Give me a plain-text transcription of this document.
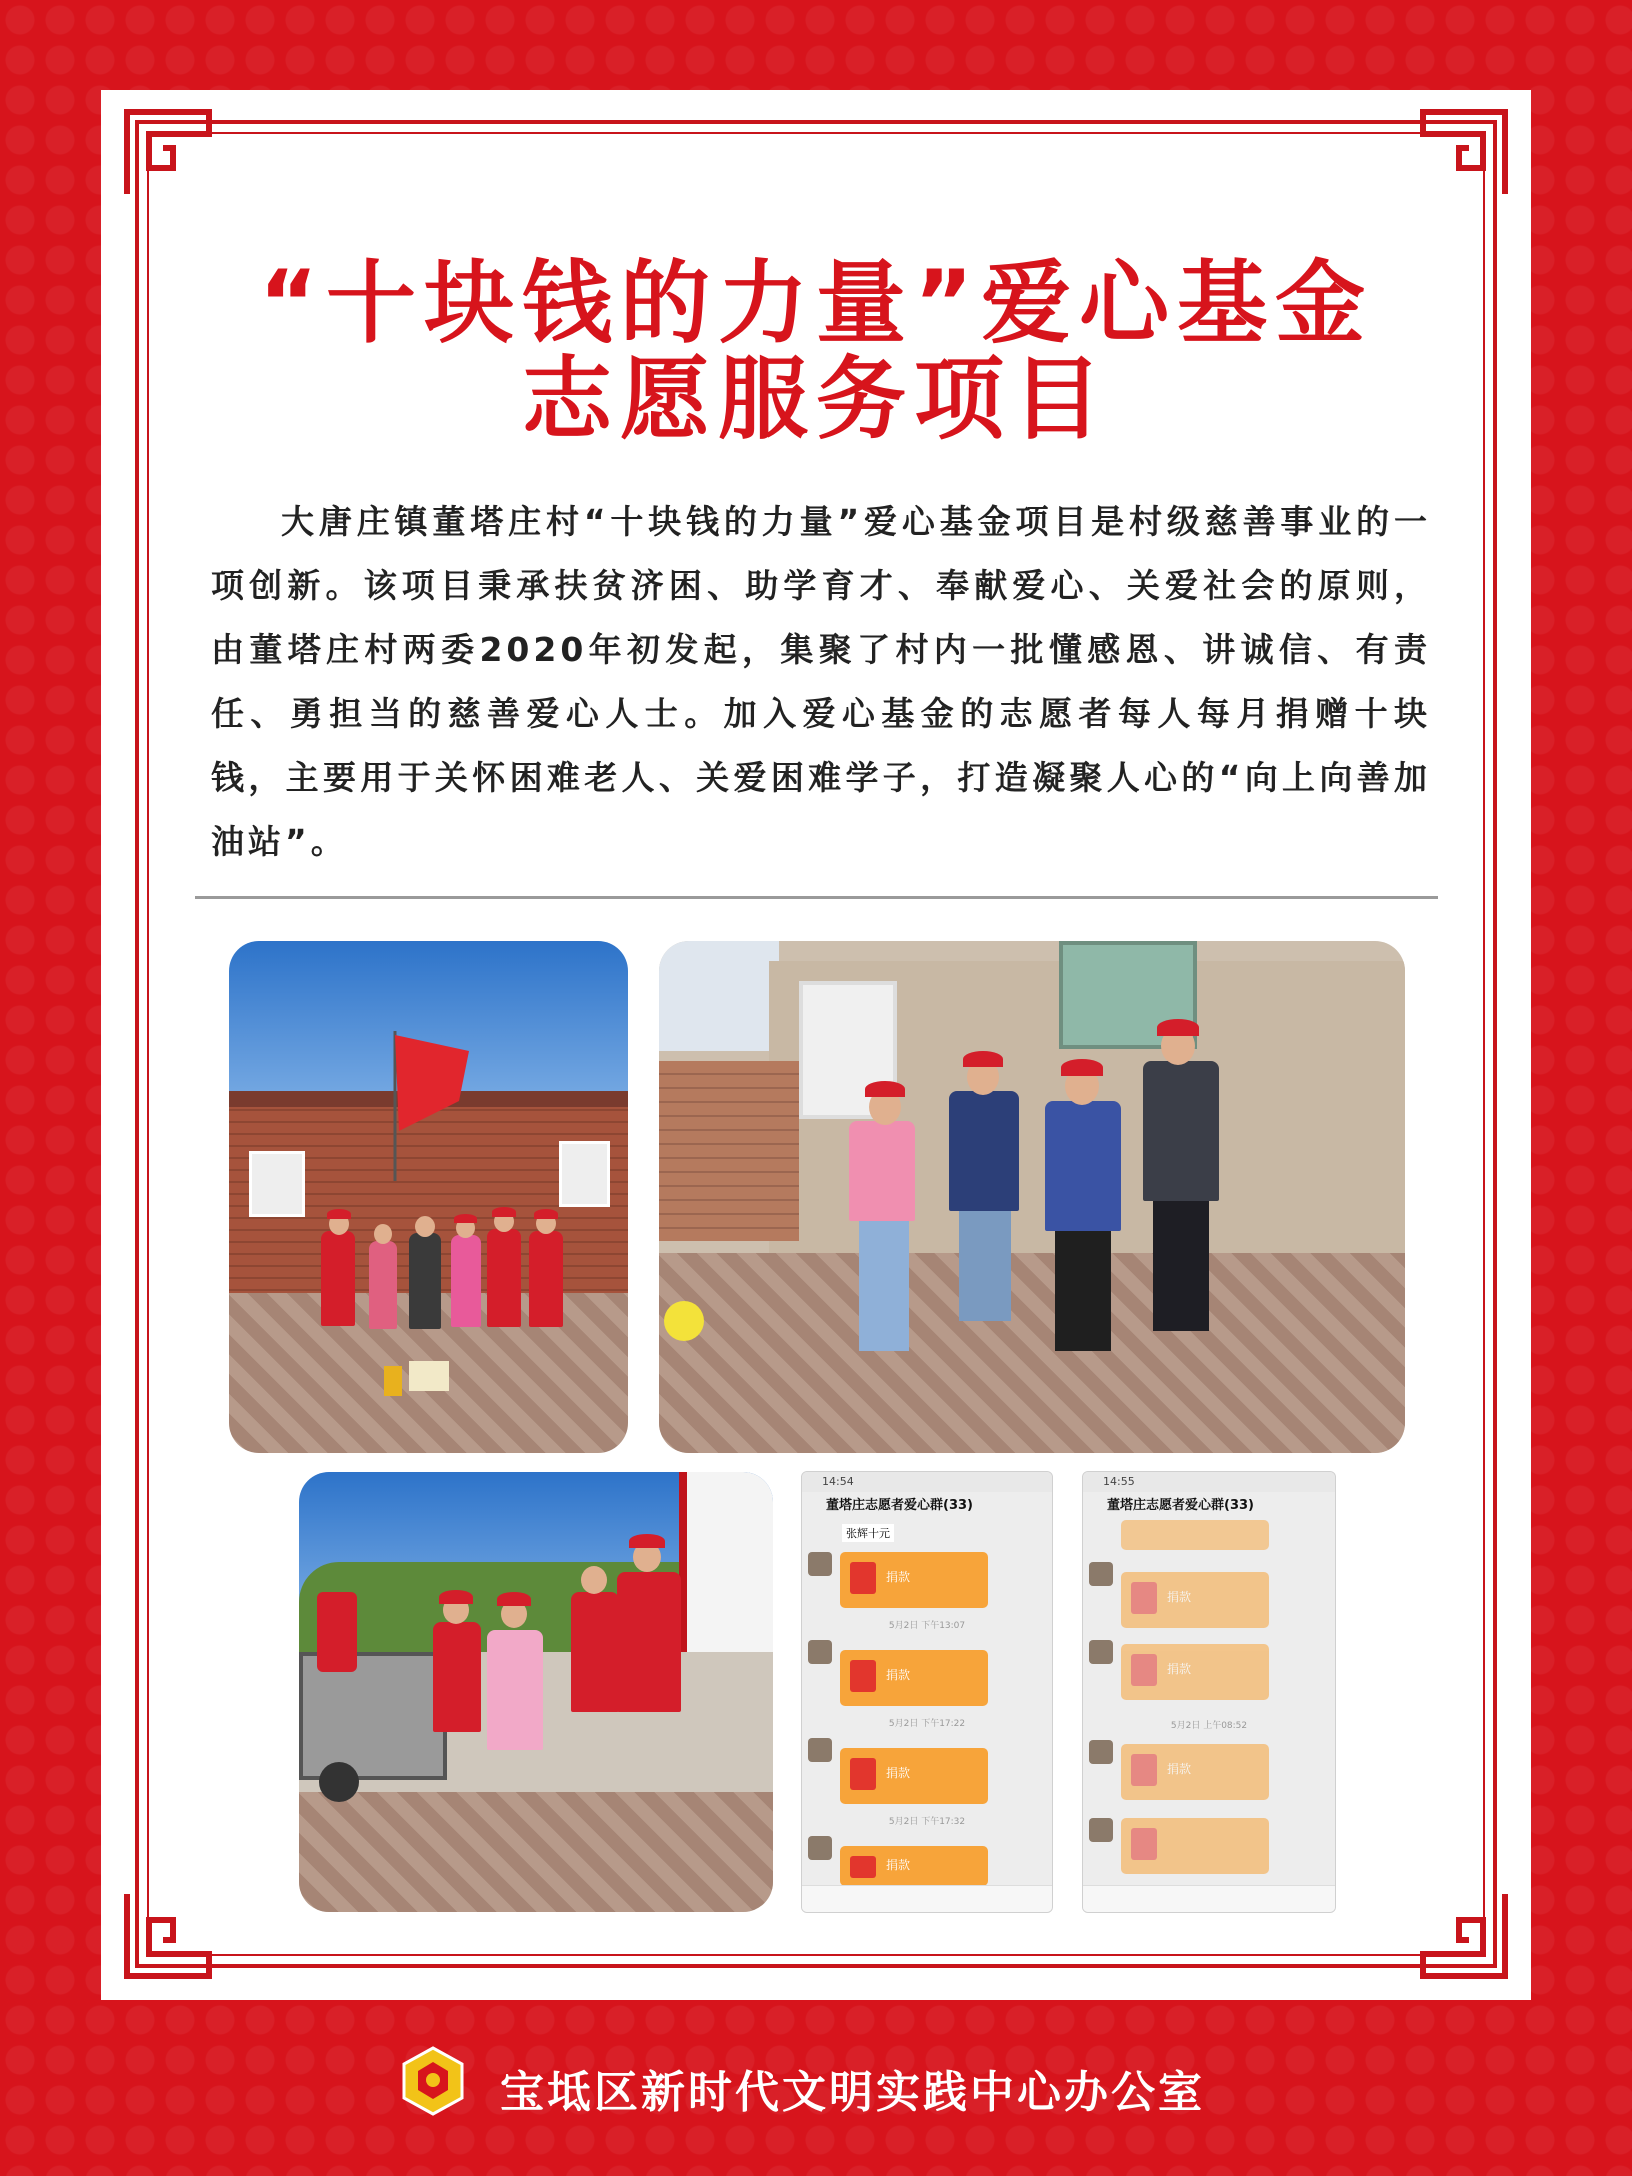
“十块钱的力量”爱心基金
志愿服务项目
大唐庄镇董塔庄村“十块钱的力量”爱心基金项目是村级慈善事业的一项创新。该项目秉承扶贫济困、助学育才、奉献爱心、关爱社会的原则，由董塔庄村两委2020年初发起，集聚了村内一批懂感恩、讲诚信、有责任、勇担当的慈善爱心人士。加入爱心基金的志愿者每人每月捐赠十块钱，主要用于关怀困难老人、关爱困难学子，打造凝聚人心的“向上向善加油站”。
14:54
董塔庄志愿者爱心群(33)
张辉十元
捐款
5月2日 下午13:07
捐款
5月2日 下午17:22
捐款
5月2日 下午17:32
捐款
14:55
董塔庄志愿者爱心群(33)
捐款
捐款
5月2日 上午08:52
捐款
宝坻区新时代文明实践中心办公室
